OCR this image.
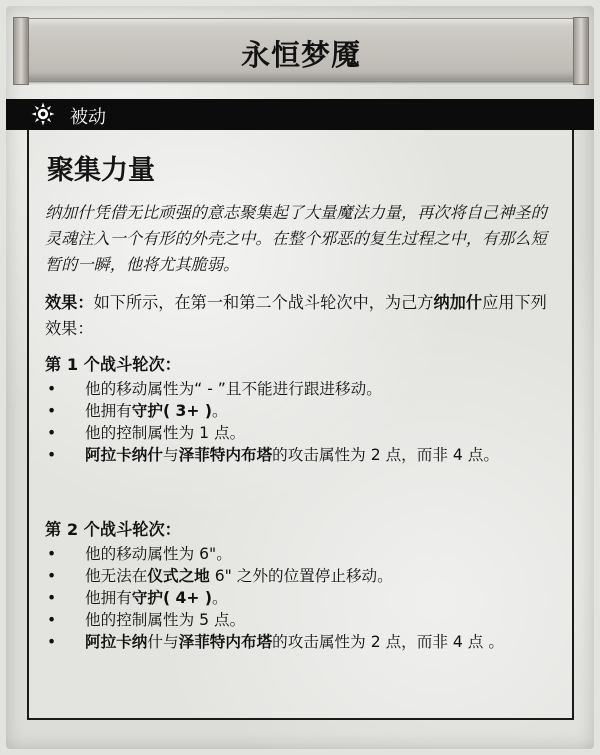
永恒梦魇
被动
聚集力量
纳加什凭借无比顽强的意志聚集起了大量魔法力量，再次将自己神圣的灵魂注入一个有形的外壳之中。在整个邪恶的复生过程之中，有那么短暂的一瞬，他将尤其脆弱。
效果：如下所示，在第一和第二个战斗轮次中，为己方纳加什应用下列效果：
第 1 个战斗轮次：
• 他的移动属性为“ - ”且不能进行跟进移动。
• 他拥有守护( 3+ )。
• 他的控制属性为 1 点。
• 阿拉卡纳什与泽菲特内布塔的攻击属性为 2 点，而非 4 点。
第 2 个战斗轮次：
• 他的移动属性为 6"。
• 他无法在仪式之地 6" 之外的位置停止移动。
• 他拥有守护( 4+ )。
• 他的控制属性为 5 点。
• 阿拉卡纳什与泽菲特内布塔的攻击属性为 2 点，而非 4 点 。
